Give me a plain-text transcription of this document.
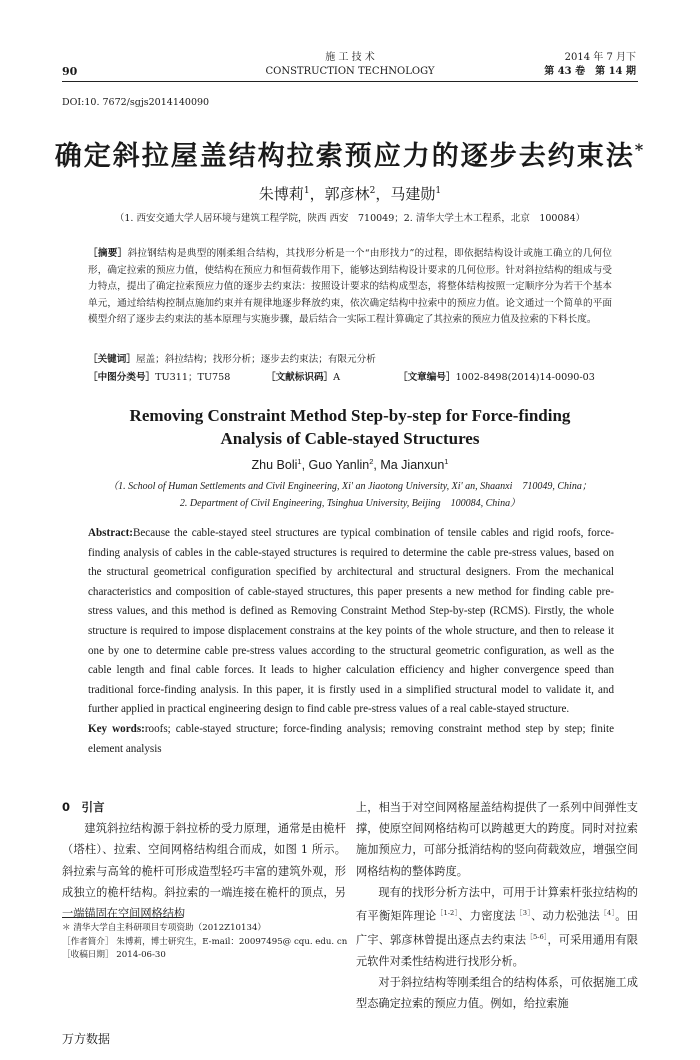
90
施 工 技 术
CONSTRUCTION TECHNOLOGY
2014 年 7 月下
第 43 卷　第 14 期
DOI:10. 7672/sgjs2014140090
确定斜拉屋盖结构拉索预应力的逐步去约束法*
朱博莉$^1$，郭彦林$^2$，马建勋$^1$
（1. 西安交通大学人居环境与建筑工程学院，陕西 西安　710049；2. 清华大学土木工程系，北京　100084）
［摘要］斜拉钢结构是典型的刚柔组合结构，其找形分析是一个“由形找力”的过程，即依据结构设计或施工确立的几何位形，确定拉索的预应力值，使结构在预应力和恒荷载作用下，能够达到结构设计要求的几何位形。针对斜拉结构的组成与受力特点，提出了确定拉索预应力值的逐步去约束法：按照设计要求的结构成型态，将整体结构按照一定顺序分为若干个基本单元，通过给结构控制点施加约束并有规律地逐步释放约束，依次确定结构中拉索中的预应力值。论文通过一个简单的平面模型介绍了逐步去约束法的基本原理与实施步骤，最后结合一实际工程计算确定了其拉索的预应力值及拉索的下料长度。
［关键词］屋盖；斜拉结构；找形分析；逐步去约束法；有限元分析
［中图分类号］TU311；TU758	［文献标识码］A	［文章编号］1002-8498(2014)14-0090-03
Removing Constraint Method Step-by-step for Force-finding
Analysis of Cable-stayed Structures
Zhu Boli$^1$, Guo Yanlin$^2$, Ma Jianxun$^1$
（1. School of Human Settlements and Civil Engineering, Xi' an Jiaotong University, Xi' an, Shaanxi　710049, China；
2. Department of Civil Engineering, Tsinghua University, Beijing　100084, China）
Abstract:Because the cable-stayed steel structures are typical combination of tensile cables and rigid roofs, force-finding analysis of cables in the cable-stayed structures is required to determine the cable pre-stress values, based on the structural geometrical configuration specified by architectural and structural designers. From the mechanical characteristics and composition of cable-stayed structures, this paper presents a new method for finding cable pre-stress values, and this method is defined as Removing Constraint Method Step-by-step (RCMS). Firstly, the whole structure is required to impose displacement constrains at the key points of the whole structure, and then to release it one by one to determine cable pre-stress values according to the structural geometric configuration, as well as the cable length and final cable forces. It leads to higher calculation efficiency and higher convergence speed than traditional force-finding analysis. In this paper, it is firstly used in a simplified structural model to validate it, and further applied in practical engineering design to find cable pre-stress values of a real cable-stayed structure.
Key words:roofs; cable-stayed structure; force-finding analysis; removing constraint method step by step; finite element analysis
0　引言

建筑斜拉结构源于斜拉桥的受力原理，通常是由桅杆（塔柱）、拉索、空间网格结构组合而成，如图 1 所示。斜拉索与高耸的桅杆可形成造型轻巧丰富的建筑外观，形成独立的桅杆结构。斜拉索的一端连接在桅杆的顶点，另一端锚固在空间网格结构

＊ 清华大学自主科研项目专项资助（2012Z10134）
［作者简介］ 朱博莉，博士研究生，E-mail：20097495@ cqu. edu. cn
［收稿日期］ 2014-06-30
上，相当于对空间网格屋盖结构提供了一系列中间弹性支撑，使原空间网格结构可以跨越更大的跨度。同时对拉索施加预应力，可部分抵消结构的竖向荷载效应，增强空间网格结构的整体跨度。

现有的找形分析方法中，可用于计算索杆张拉结构的有平衡矩阵理论$^{[1-2]}$、力密度法$^{[3]}$、动力松弛法$^{[4]}$。田广宇、郭彦林曾提出逐点去约束法$^{[5-6]}$，可采用通用有限元软件对柔性结构进行找形分析。

对于斜拉结构等刚柔组合的结构体系，可依据施工成型态确定拉索的预应力值。例如，给拉索施

万方数据
